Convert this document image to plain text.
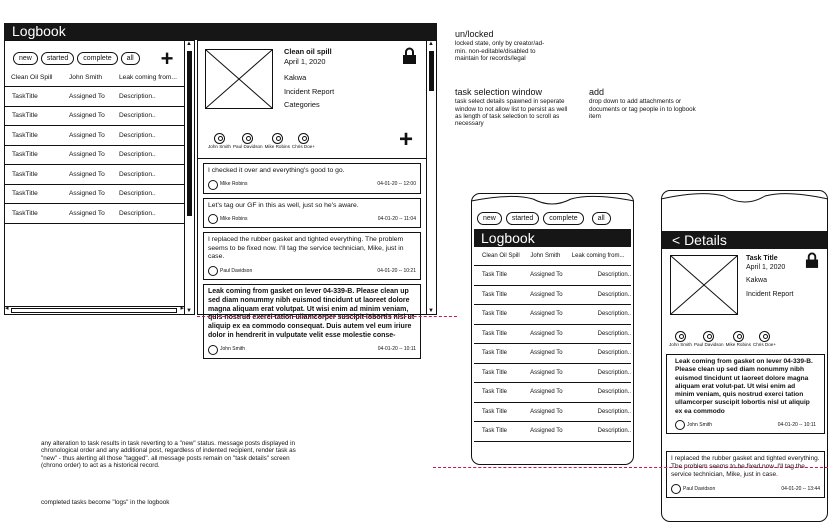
Logbook
new	started	complete	all +
Clean Oil Spill	John Smith	Leak coming from...
TaskTitle	Assigned To	Description..
TaskTitle	Assigned To	Description..
TaskTitle	Assigned To	Description..
TaskTitle	Assigned To	Description..
TaskTitle	Assigned To	Description..
TaskTitle	Assigned To	Description..
TaskTitle	Assigned To	Description..
◂	▸
▲
▼
Clean oil spill
April 1, 2020
Kakwa
Incident Report
Categories
John Smith Paul Davidson Mike Robins Chris Doe+	+
I checked it over and everything's good to go.
Mike Robins	04-01-20 -- 12:00
Let's tag our GF in this as well, just so he's aware.
Mike Robins	04-01-20 -- 11:04
I replaced the rubber gasket and tighted everything. The problem seems to be fixed now. I'll tag the service technician, Mike, just in case.
Paul Davidson	04-01-20 -- 10:21
Leak coming from gasket on lever 04-339-B. Please clean up sed diam nonummy nibh euismod tincidunt ut laoreet dolore magna aliquam erat volutpat. Ut wisi enim ad minim veniam, quis nostrud exerci tation ullamcorper suscipit lobortis nisl ut aliquip ex ea commodo consequat. Duis autem vel eum iriure dolor in hendrerit in vulputate velit esse molestie conse-
John Smith	04-01-20 -- 10:11
▲
▼
un/locked
locked state, only by creator/ad-min. non-editable/disabled to maintain for records/legal
task selection window
task select details spawned in seperate window to not allow list to persist as well as length of task selection to scroll as necessary
add
drop down to add attachments or documents or tag people in to logbook item
any alteration to task results in task reverting to a "new" status. message posts displayed in chronological order and any additional post, regardless of indented recipient, render task as "new" - thus alerting all those "tagged". all message posts remain on "task details" screen (chrono order) to act as a historical record.
completed tasks become "logs" in the logbook
new	started	complete	all
Logbook
Clean Oil Spill	John Smith	Leak coming from...
Task Title	Assigned To	Description..
Task Title	Assigned To	Description..
Task Title	Assigned To	Description..
Task Title	Assigned To	Description..
Task Title	Assigned To	Description..
Task Title	Assigned To	Description..
Task Title	Assigned To	Description..
Task Title	Assigned To	Description..
Task Title	Assigned To	Description..
< Details
Task Title
April 1, 2020
Kakwa
Incident Report
John Smith Paul Davidson Mike Robins Chris Doe+
Leak coming from gasket on lever 04-339-B. Please clean up sed diam nonummy nibh euismod tincidunt ut laoreet dolore magna aliquam erat volut-pat. Ut wisi enim ad minim veniam, quis nostrud exerci tation ullamcorper suscipit lobortis nisl ut aliquip ex ea commodo
John Smith	04-01-20 -- 10:11
I replaced the rubber gasket and tighted everything. The problem seems to be fixed now. I'll tag the service technician, Mike, just in case.
Paul Davidson	04-01-20 -- 13:44
